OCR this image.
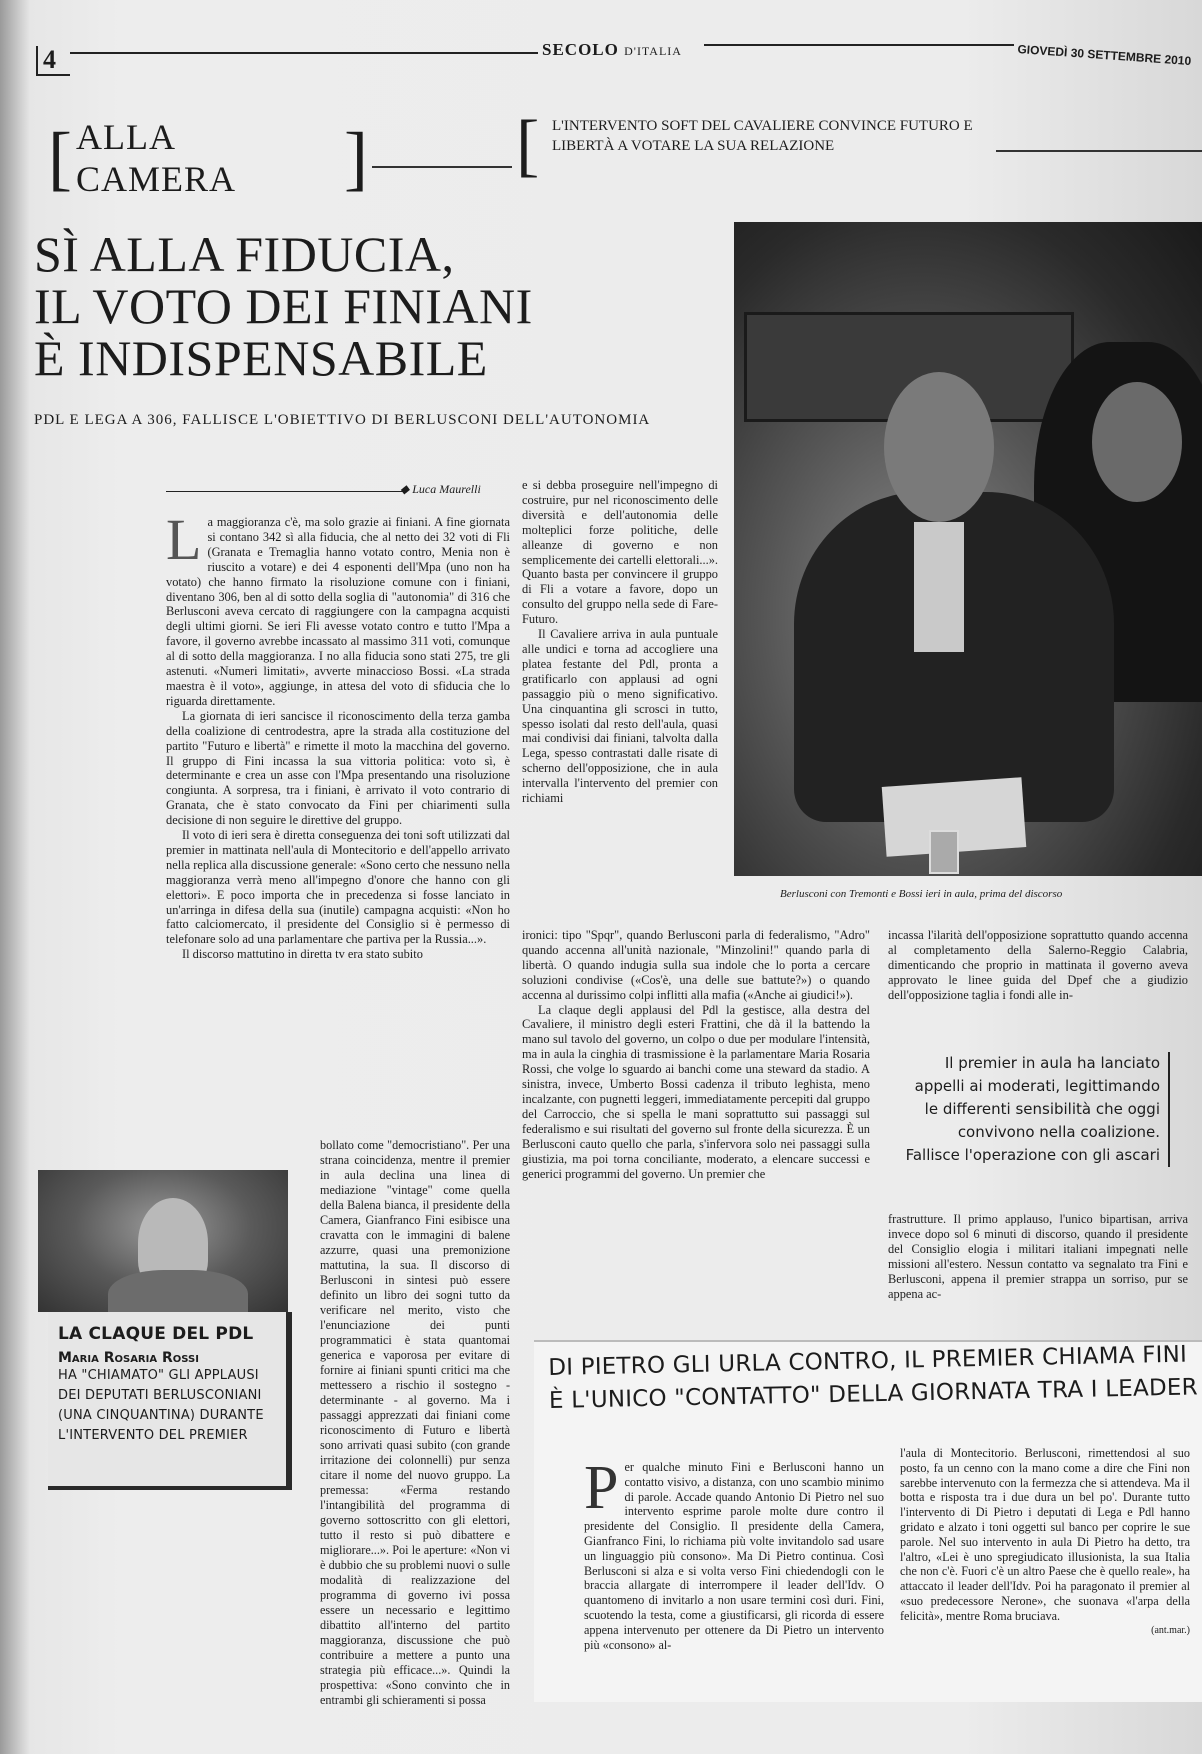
4	SECOLO D'ITALIA	GIOVEDÌ 30 SETTEMBRE 2010
[ ALLA CAMERA	] [ L'INTERVENTO SOFT DEL CAVALIERE CONVINCE FUTURO E LIBERTÀ A VOTARE LA SUA RELAZIONE
SÌ ALLA FIDUCIA,
IL VOTO DEI FINIANI
È INDISPENSABILE
PDL E LEGA A 306, FALLISCE L'OBIETTIVO DI BERLUSCONI DELL'AUTONOMIA
Berlusconi con Tremonti e Bossi ieri in aula, prima del discorso
◆ Luca Maurelli
L a maggioranza c'è, ma solo grazie ai finiani. A fine giornata si contano 342 sì alla fiducia, che al netto dei 32 voti di Fli (Granata e Tremaglia hanno votato contro, Menia non è riuscito a votare) e dei 4 esponenti dell'Mpa (uno non ha votato) che hanno firmato la risoluzione comune con i finiani, diventano 306, ben al di sotto della soglia di "autonomia" di 316 che Berlusconi aveva cercato di raggiungere con la campagna acquisti degli ultimi giorni. Se ieri Fli avesse votato contro e tutto l'Mpa a favore, il governo avrebbe incassato al massimo 311 voti, comunque al di sotto della maggioranza. I no alla fiducia sono stati 275, tre gli astenuti. «Numeri limitati», avverte minaccioso Bossi. «La strada maestra è il voto», aggiunge, in attesa del voto di sfiducia che lo riguarda direttamente.

La giornata di ieri sancisce il riconoscimento della terza gamba della coalizione di centrodestra, apre la strada alla costituzione del partito "Futuro e libertà" e rimette il moto la macchina del governo. Il gruppo di Fini incassa la sua vittoria politica: voto sì, è determinante e crea un asse con l'Mpa presentando una risoluzione congiunta. A sorpresa, tra i finiani, è arrivato il voto contrario di Granata, che è stato convocato da Fini per chiarimenti sulla decisione di non seguire le direttive del gruppo.

Il voto di ieri sera è diretta conseguenza dei toni soft utilizzati dal premier in mattinata nell'aula di Montecitorio e dell'appello arrivato nella replica alla discussione generale: «Sono certo che nessuno nella maggioranza verrà meno all'impegno d'onore che hanno con gli elettori». E poco importa che in precedenza si fosse lanciato in un'arringa in difesa della sua (inutile) campagna acquisti: «Non ho fatto calciomercato, il presidente del Consiglio si è permesso di telefonare solo ad una parlamentare che partiva per la Russia...».

Il discorso mattutino in diretta tv era stato subito

bollato come "democristiano". Per una strana coincidenza, mentre il premier in aula declina una linea di mediazione "vintage" come quella della Balena bianca, il presidente della Camera, Gianfranco Fini esibisce una cravatta con le immagini di balene azzurre, quasi una premonizione mattutina, la sua. Il discorso di Berlusconi in sintesi può essere definito un libro dei sogni tutto da verificare nel merito, visto che l'enunciazione dei punti programmatici è stata quantomai generica e vaporosa per evitare di fornire ai finiani spunti critici ma che mettessero a rischio il sostegno - determinante - al governo. Ma i passaggi apprezzati dai finiani come riconoscimento di Futuro e libertà sono arrivati quasi subito (con grande irritazione dei colonnelli) pur senza citare il nome del nuovo gruppo. La premessa: «Ferma restando l'intangibilità del programma di governo sottoscritto con gli elettori, tutto il resto si può dibattere e migliorare...». Poi le aperture: «Non vi è dubbio che su problemi nuovi o sulle modalità di realizzazione del programma di governo ivi possa essere un necessario e legittimo dibattito all'interno del partito maggioranza, discussione che può contribuire a mettere a punto una strategia più efficace...». Quindi la prospettiva: «Sono convinto che in entrambi gli schieramenti si possa

e si debba proseguire nell'impegno di costruire, pur nel riconoscimento delle diversità e dell'autonomia delle molteplici forze politiche, delle alleanze di governo e non semplicemente dei cartelli elettorali...». Quanto basta per convincere il gruppo di Fli a votare a favore, dopo un consulto del gruppo nella sede di Fare-Futuro.

Il Cavaliere arriva in aula puntuale alle undici e torna ad accogliere una platea festante del Pdl, pronta a gratificarlo con applausi ad ogni passaggio più o meno significativo. Una cinquantina gli scrosci in tutto, spesso isolati dal resto dell'aula, quasi mai condivisi dai finiani, talvolta dalla Lega, spesso contrastati dalle risate di scherno dell'opposizione, che in aula intervalla l'intervento del premier con richiami

ironici: tipo "Spqr", quando Berlusconi parla di federalismo, "Adro" quando accenna all'unità nazionale, "Minzolini!" quando parla di libertà. O quando indugia sulla sua indole che lo porta a cercare soluzioni condivise («Cos'è, una delle sue battute?») o quando accenna al durissimo colpi inflitti alla mafia («Anche ai giudici!»).

La claque degli applausi del Pdl la gestisce, alla destra del Cavaliere, il ministro degli esteri Frattini, che dà il la battendo la mano sul tavolo del governo, un colpo o due per modulare l'intensità, ma in aula la cinghia di trasmissione è la parlamentare Maria Rosaria Rossi, che volge lo sguardo ai banchi come una steward da stadio. A sinistra, invece, Umberto Bossi cadenza il tributo leghista, meno incalzante, con pugnetti leggeri, immediatamente percepiti dal gruppo del Carroccio, che si spella le mani soprattutto sui passaggi sul federalismo e sui risultati del governo sul fronte della sicurezza. È un Berlusconi cauto quello che parla, s'infervora solo nei passaggi sulla giustizia, ma poi torna conciliante, moderato, a elencare successi e generici programmi del governo. Un premier che

incassa l'ilarità dell'opposizione soprattutto quando accenna al completamento della Salerno-Reggio Calabria, dimenticando che proprio in mattinata il governo aveva approvato le linee guida del Dpef che a giudizio dell'opposizione taglia i fondi alle in-

Il premier in aula ha lanciato appelli ai moderati, legittimando le differenti sensibilità che oggi convivono nella coalizione. Fallisce l'operazione con gli ascari

frastrutture. Il primo applauso, l'unico bipartisan, arriva invece dopo sol 6 minuti di discorso, quando il presidente del Consiglio elogia i militari italiani impegnati nelle missioni all'estero. Nessun contatto va segnalato tra Fini e Berlusconi, appena il premier strappa un sorriso, pur se appena ac-

LA CLAQUE DEL PDL
Maria Rosaria Rossi
HA "CHIAMATO" GLI APPLAUSI DEI DEPUTATI BERLUSCONIANI (UNA CINQUANTINA) DURANTE L'INTERVENTO DEL PREMIER
DI PIETRO GLI URLA CONTRO, IL PREMIER CHIAMA FINI
È L'UNICO "CONTATTO" DELLA GIORNATA TRA I LEADER
P er qualche minuto Fini e Berlusconi hanno un contatto visivo, a distanza, con uno scambio minimo di parole. Accade quando Antonio Di Pietro nel suo intervento esprime parole molte dure contro il presidente del Consiglio. Il presidente della Camera, Gianfranco Fini, lo richiama più volte invitandolo sad usare un linguaggio più consono». Ma Di Pietro continua. Così Berlusconi si alza e si volta verso Fini chiedendogli con le braccia allargate di interrompere il leader dell'Idv. O quantomeno di invitarlo a non usare termini così duri. Fini, scuotendo la testa, come a giustificarsi, gli ricorda di essere appena intervenuto per ottenere da Di Pietro un intervento più «consono» al-

l'aula di Montecitorio. Berlusconi, rimettendosi al suo posto, fa un cenno con la mano come a dire che Fini non sarebbe intervenuto con la fermezza che si attendeva. Ma il botta e risposta tra i due dura un bel po'. Durante tutto l'intervento di Di Pietro i deputati di Lega e Pdl hanno gridato e alzato i toni oggetti sul banco per coprire le sue parole. Nel suo intervento in aula Di Pietro ha detto, tra l'altro, «Lei è uno spregiudicato illusionista, la sua Italia che non c'è. Fuori c'è un altro Paese che è quello reale», ha attaccato il leader dell'Idv. Poi ha paragonato il premier al «suo predecessore Nerone», che suonava «l'arpa della felicità», mentre Roma bruciava.

(ant.mar.)
